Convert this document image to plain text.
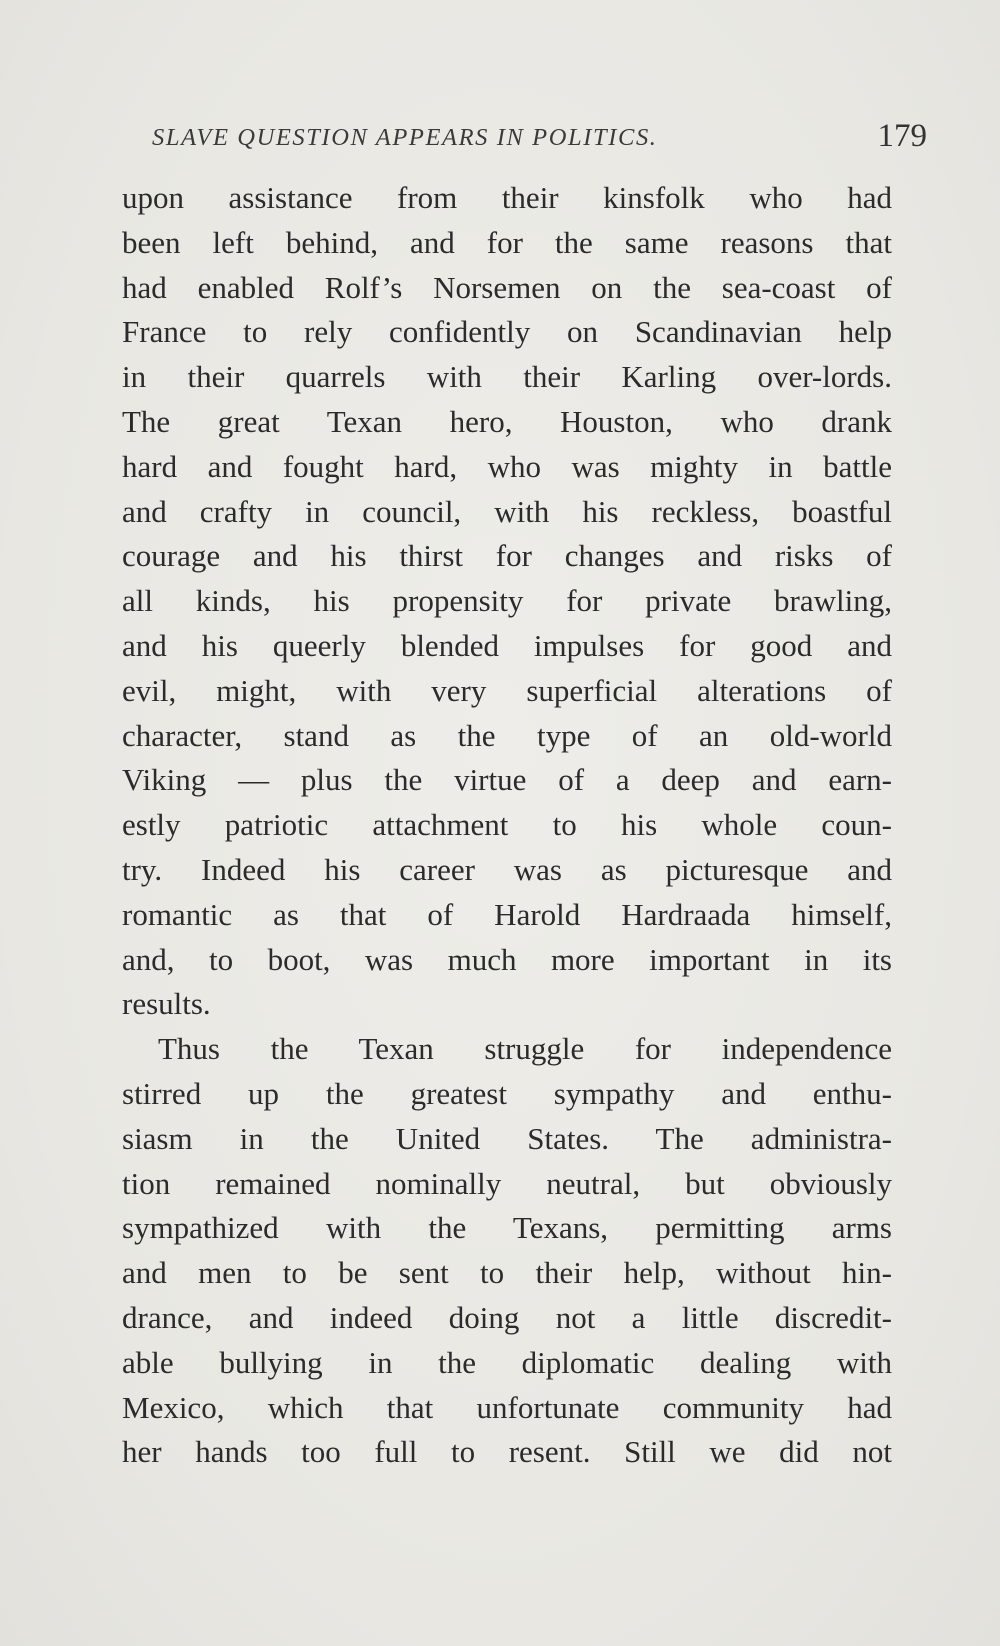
SLAVE QUESTION APPEARS IN POLITICS.	179
upon assistance from their kinsfolk who had
been left behind, and for the same reasons that
had enabled Rolf’s Norsemen on the sea-coast of
France to rely confidently on Scandinavian help
in their quarrels with their Karling over-lords.
The great Texan hero, Houston, who drank
hard and fought hard, who was mighty in battle
and crafty in council, with his reckless, boastful
courage and his thirst for changes and risks of
all kinds, his propensity for private brawling,
and his queerly blended impulses for good and
evil, might, with very superficial alterations of
character, stand as the type of an old-world
Viking — plus the virtue of a deep and earn-
estly patriotic attachment to his whole coun-
try. Indeed his career was as picturesque and
romantic as that of Harold Hardraada himself,
and, to boot, was much more important in its
results.
Thus the Texan struggle for independence
stirred up the greatest sympathy and enthu-
siasm in the United States. The administra-
tion remained nominally neutral, but obviously
sympathized with the Texans, permitting arms
and men to be sent to their help, without hin-
drance, and indeed doing not a little discredit-
able bullying in the diplomatic dealing with
Mexico, which that unfortunate community had
her hands too full to resent. Still we did not
